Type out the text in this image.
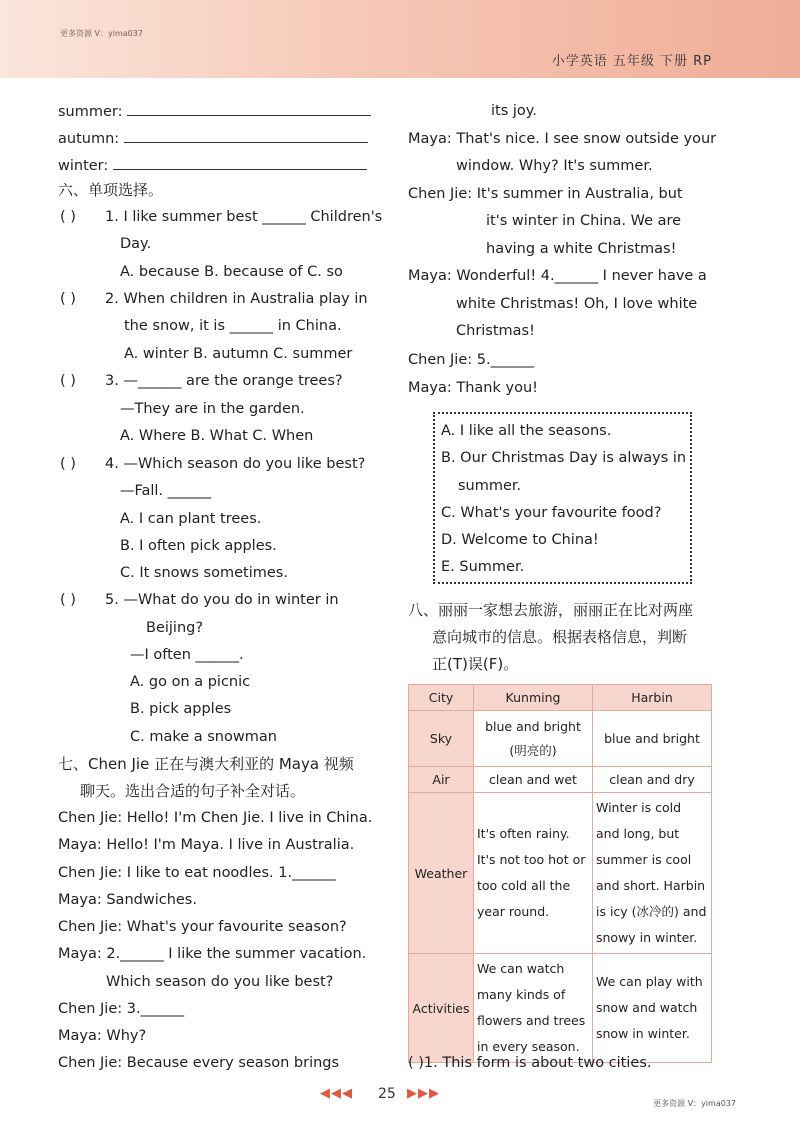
更多资源 V：yima037
小学英语 五年级 下册 RP
summer:
autumn:
winter:
六、单项选择。
( ) 1. I like summer best ______ Children's
Day.
A. because B. because of C. so
( ) 2. When children in Australia play in
the snow, it is ______ in China.
A. winter B. autumn C. summer
( ) 3. —______ are the orange trees?
—They are in the garden.
A. Where B. What C. When
( ) 4. —Which season do you like best?
—Fall. ______
A. I can plant trees.
B. I often pick apples.
C. It snows sometimes.
( ) 5. —What do you do in winter in
Beijing?
—I often ______.
A. go on a picnic
B. pick apples
C. make a snowman
七、Chen Jie 正在与澳大利亚的 Maya 视频
聊天。选出合适的句子补全对话。
Chen Jie: Hello! I'm Chen Jie. I live in China.
Maya: Hello! I'm Maya. I live in Australia.
Chen Jie: I like to eat noodles. 1.______
Maya: Sandwiches.
Chen Jie: What's your favourite season?
Maya: 2.______ I like the summer vacation.
Which season do you like best?
Chen Jie: 3.______
Maya: Why?
Chen Jie: Because every season brings
its joy.
Maya: That's nice. I see snow outside your
window. Why? It's summer.
Chen Jie: It's summer in Australia, but
it's winter in China. We are
having a white Christmas!
Maya: Wonderful! 4.______ I never have a
white Christmas! Oh, I love white
Christmas!
Chen Jie: 5.______
Maya: Thank you!
A. I like all the seasons.
B. Our Christmas Day is always in
summer.
C. What's your favourite food?
D. Welcome to China!
E. Summer.
八、丽丽一家想去旅游，丽丽正在比对两座
意向城市的信息。根据表格信息，判断
正(T)误(F)。
City	Kunming	Harbin
Sky	blue and bright (明亮的)	blue and bright
Air	clean and wet	clean and dry
Weather	It's often rainy. It's not too hot or too cold all the year round.	Winter is cold and long, but summer is cool and short. Harbin is icy (冰冷的) and snowy in winter.
Activities	We can watch many kinds of flowers and trees in every season.	We can play with snow and watch snow in winter.
( )1. This form is about two cities.
◀◀◀ 25 ▶▶▶
更多资源 V：yima037
